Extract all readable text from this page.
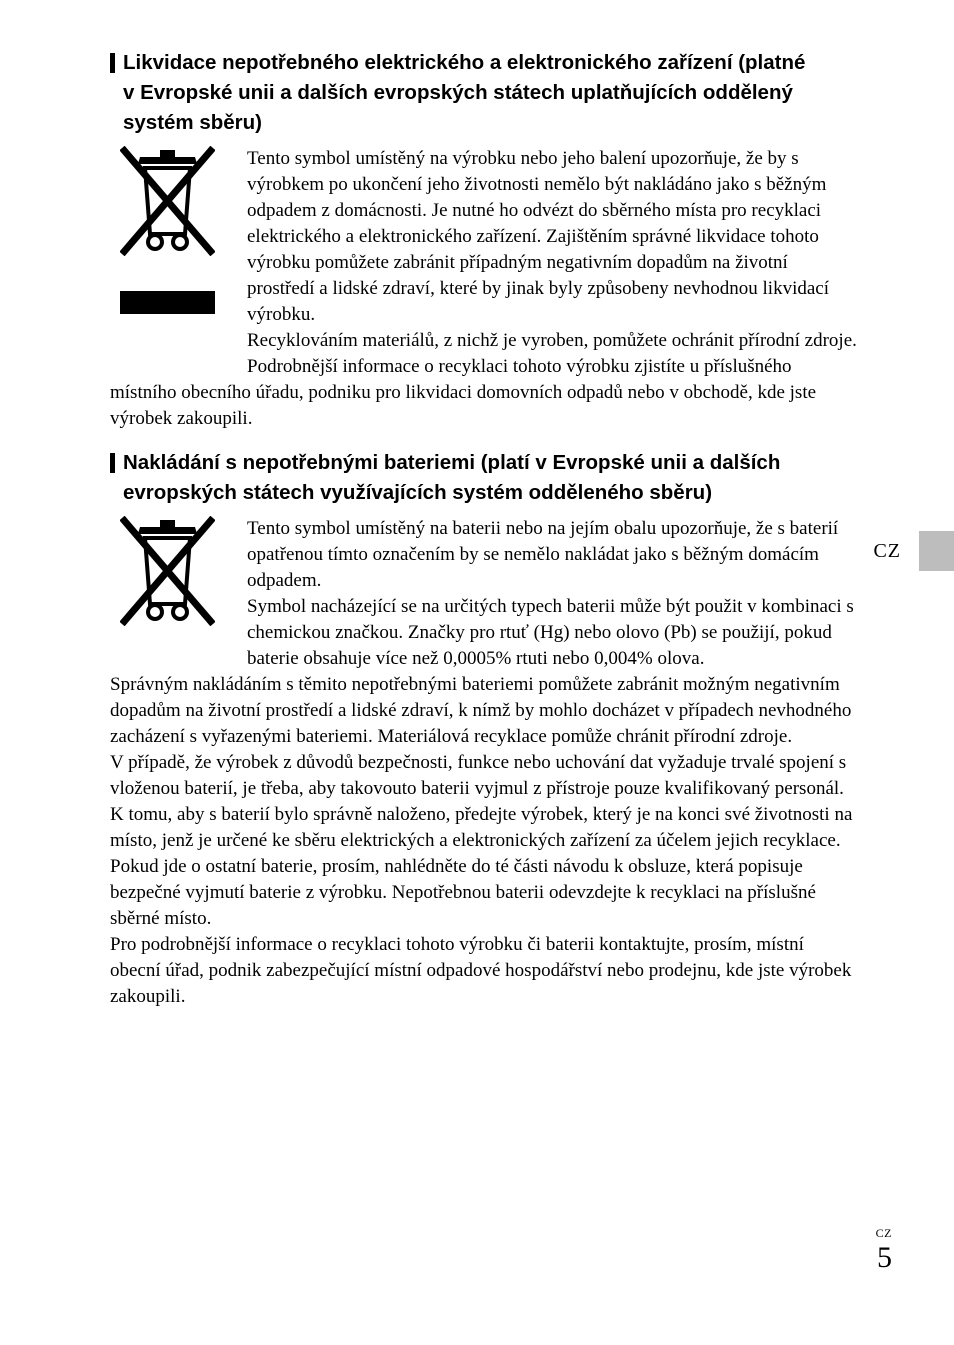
Likvidace nepotřebného elektrického a elektronického zařízení (platné v Evropské unii a dalších evropských státech uplatňujících oddělený systém sběru)

Tento symbol umístěný na výrobku nebo jeho balení upozorňuje, že by s výrobkem po ukončení jeho životnosti nemělo být nakládáno jako s běžným odpadem z domácnosti. Je nutné ho odvézt do sběrného místa pro recyklaci elektrického a elektronického zařízení. Zajištěním správné likvidace tohoto výrobku pomůžete zabránit případným negativním dopadům na životní prostředí a lidské zdraví, které by jinak byly způsobeny nevhodnou likvidací výrobku.

Recyklováním materiálů, z nichž je vyroben, pomůžete ochránit přírodní zdroje. Podrobnější informace o recyklaci tohoto výrobku zjistíte u příslušného místního obecního úřadu, podniku pro likvidaci domovních odpadů nebo v obchodě, kde jste výrobek zakoupili.

Nakládání s nepotřebnými bateriemi (platí v Evropské unii a dalších evropských státech využívajících systém odděleného sběru)

Tento symbol umístěný na baterii nebo na jejím obalu upozorňuje, že s baterií opatřenou tímto označením by se nemělo nakládat jako s běžným domácím odpadem.

Symbol nacházející se na určitých typech baterii může být použit v kombinaci s chemickou značkou. Značky pro rtuť (Hg) nebo olovo (Pb) se použijí, pokud baterie obsahuje více než 0,0005% rtuti nebo 0,004% olova.

Správným nakládáním s těmito nepotřebnými bateriemi pomůžete zabránit možným negativním dopadům na životní prostředí a lidské zdraví, k nímž by mohlo docházet v případech nevhodného zacházení s vyřazenými bateriemi. Materiálová recyklace pomůže chránit přírodní zdroje.

V případě, že výrobek z důvodů bezpečnosti, funkce nebo uchování dat vyžaduje trvalé spojení s vloženou baterií, je třeba, aby takovouto baterii vyjmul z přístroje pouze kvalifikovaný personál.

K tomu, aby s baterií bylo správně naloženo, předejte výrobek, který je na konci své životnosti na místo, jenž je určené ke sběru elektrických a elektronických zařízení za účelem jejich recyklace.

Pokud jde o ostatní baterie, prosím, nahlédněte do té části návodu k obsluze, která popisuje bezpečné vyjmutí baterie z výrobku. Nepotřebnou baterii odevzdejte k recyklaci na příslušné sběrné místo.

Pro podrobnější informace o recyklaci tohoto výrobku či baterii kontaktujte, prosím, místní obecní úřad, podnik zabezpečující místní odpadové hospodářství nebo prodejnu, kde jste výrobek zakoupili.

CZ
CZ
5
